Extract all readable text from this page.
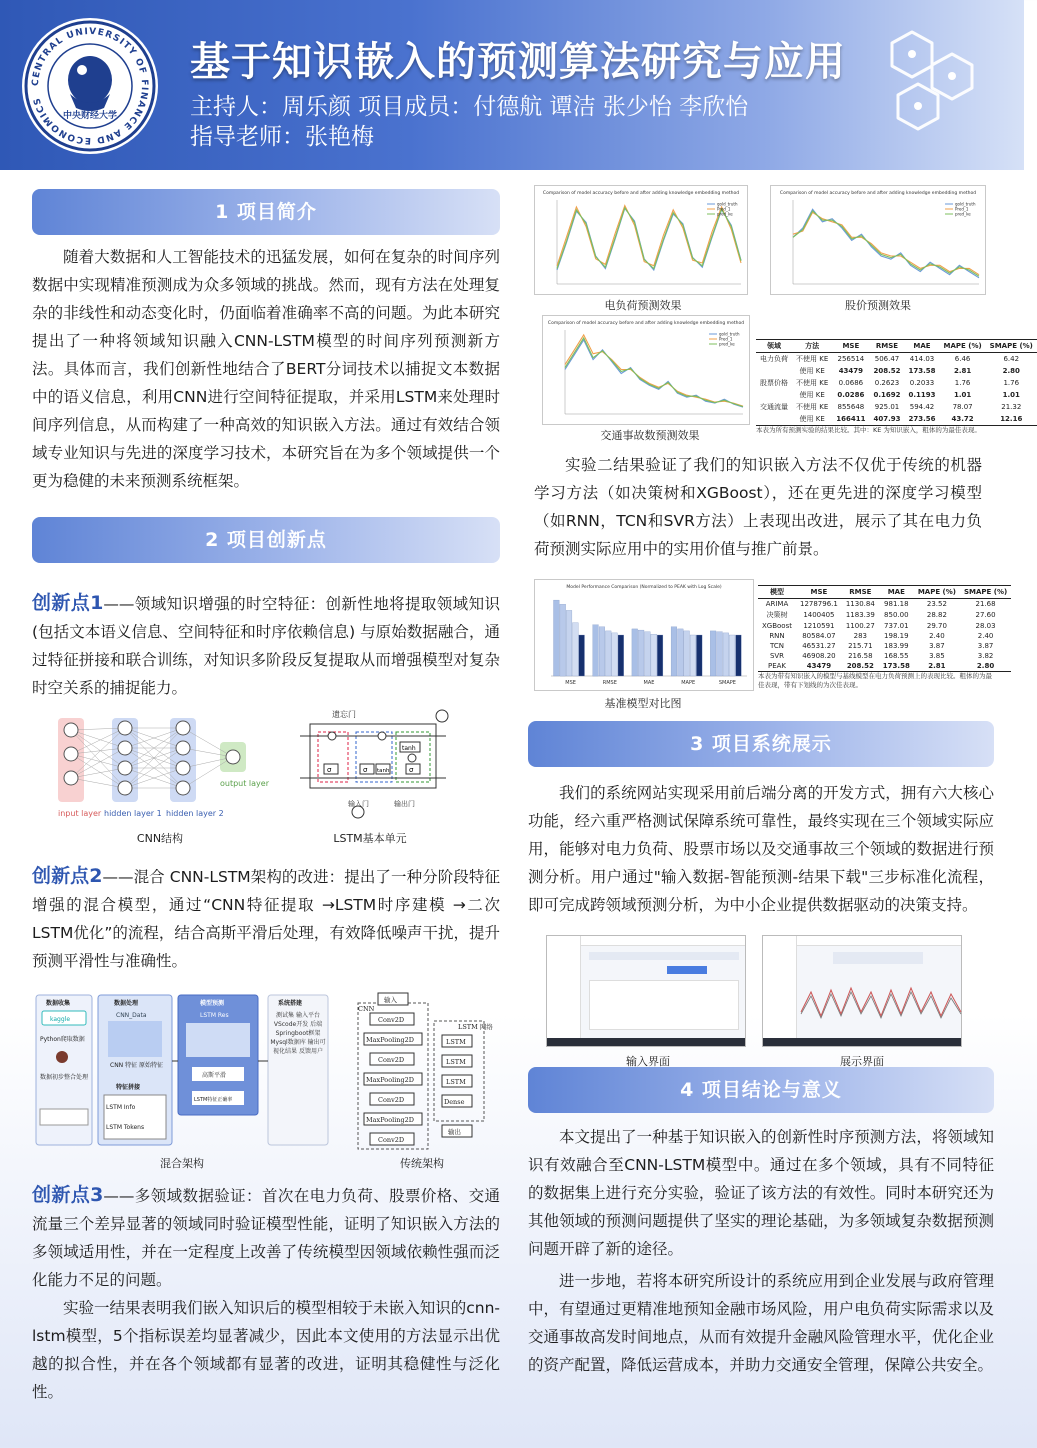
CENTRAL UNIVERSITY OF FINANCE AND ECONOMICS
中央财经大学
基于知识嵌入的预测算法研究与应用
主持人：周乐颜 项目成员：付德航 谭洁 张少怡 李欣怡
指导老师：张艳梅
1 项目简介

随着大数据和人工智能技术的迅猛发展，如何在复杂的时间序列数据中实现精准预测成为众多领域的挑战。然而，现有方法在处理复杂的非线性和动态变化时，仍面临着准确率不高的问题。为此本研究提出了一种将领域知识融入CNN-LSTM模型的时间序列预测新方法。具体而言，我们创新性地结合了BERT分词技术以捕捉文本数据中的语义信息，利用CNN进行空间特征提取，并采用LSTM来处理时间序列信息，从而构建了一种高效的知识嵌入方法。通过有效结合领域专业知识与先进的深度学习技术，本研究旨在为多个领域提供一个更为稳健的未来预测系统框架。

2 项目创新点

创新点1——领域知识增强的时空特征：创新性地将提取领域知识(包括文本语义信息、空间特征和时序依赖信息) 与原始数据融合，通过特征拼接和联合训练，对知识多阶段反复提取从而增强模型对复杂时空关系的捕捉能力。

input layer hidden layer 1 hidden layer 2
output layer
CNN结构
遗忘门
σ	σ tanh	σ
tanh
输入门	输出门
LSTM基本单元

创新点2——混合 CNN-LSTM架构的改进：提出了一种分阶段特征增强的混合模型，通过“CNN特征提取 →LSTM时序建模 →二次LSTM优化”的流程，结合高斯平滑后处理，有效降低噪声干扰，提升预测平滑性与准确性。

数据收集
kaggle
Python爬取数据
数据初步整合处理
数据处理
CNN_Data
CNN 特征 原始特征
特征拼接
LSTM Info
LSTM Tokens
模型预测
LSTM Res
高斯平滑
LSTM特征正确率
系统搭建
测试集 输入平台 VScode开发 后端Springboot框架 Mysql数据库 输出可视化结果 反馈用户
混合架构
CNN
输入
Conv2D
MaxPooling2D
Conv2D
MaxPooling2D
Conv2D
MaxPooling2D
Conv2D
LSTM 网络
LSTM
LSTM
LSTM
Dense
输出
传统架构

创新点3——多领域数据验证：首次在电力负荷、股票价格、交通流量三个差异显著的领域同时验证模型性能，证明了知识嵌入方法的多领域适用性，并在一定程度上改善了传统模型因领域依赖性强而泛化能力不足的问题。

实验一结果表明我们嵌入知识后的模型相较于未嵌入知识的cnn-lstm模型，5个指标误差均显著减少，因此本文使用的方法显示出优越的拟合性，并在各个领域都有显著的改进，证明其稳健性与泛化性。

Comparison of model accuracy before and after adding knowledge embedding method
gold_truth
Pred_1
pred_ke
电负荷预测效果
Comparison of model accuracy before and after adding knowledge embedding method
gold_truth
Pred_1
pred_ke
股价预测效果
Comparison of model accuracy before and after adding knowledge embedding method
gold_truth
Pred_1
pred_ke
交通事故数预测效果
领域	方法	MSE	RMSE	MAE	MAPE (%)	SMAPE (%)
电力负荷	不使用 KE	256514	506.47	414.03	6.46	6.42
	使用 KE	43479	208.52	173.58	2.81	2.80
股票价格	不使用 KE	0.0686	0.2623	0.2033	1.76	1.76
	使用 KE	0.0286	0.1692	0.1193	1.01	1.01
交通流量	不使用 KE	855648	925.01	594.42	78.07	21.32
	使用 KE	166411	407.93	273.56	43.72	12.16
本表为所有预测实验的结果比较。其中：KE 为知识嵌入，粗体的为最佳表现。

实验二结果验证了我们的知识嵌入方法不仅优于传统的机器学习方法（如决策树和XGBoost），还在更先进的深度学习模型（如RNN，TCN和SVR方法）上表现出改进，展示了其在电力负荷预测实际应用中的实用价值与推广前景。

Model Performance Comparison (Normalized to PEAK with Log Scale)
MSE	RMSE	MAE	MAPE	SMAPE
基准模型对比图
模型	MSE	RMSE	MAE	MAPE (%)	SMAPE (%)
ARIMA	1278796.1	1130.84	981.18	23.52	21.68
决策树	1400405	1183.39	850.00	28.82	27.60
XGBoost	1210591	1100.27	737.01	29.70	28.03
RNN	80584.07	283	198.19	2.40	2.40
TCN	46531.27	215.71	183.99	3.87	3.87
SVR	46908.20	216.58	168.55	3.85	3.82
PEAK	43479	208.52	173.58	2.81	2.80
本表为带有知识嵌入的模型与基线模型在电力负荷预测上的表现比较。粗体的为最佳表现，带有下划线的为次佳表现。
3 项目系统展示

我们的系统网站实现采用前后端分离的开发方式，拥有六大核心功能，经六重严格测试保障系统可靠性，最终实现在三个领域实际应用，能够对电力负荷、股票市场以及交通事故三个领域的数据进行预测分析。用户通过"输入数据-智能预测-结果下载"三步标准化流程，即可完成跨领域预测分析，为中小企业提供数据驱动的决策支持。

输入界面	展示界面
4 项目结论与意义

本文提出了一种基于知识嵌入的创新性时序预测方法，将领域知识有效融合至CNN-LSTM模型中。通过在多个领域，具有不同特征的数据集上进行充分实验，验证了该方法的有效性。同时本研究还为其他领域的预测问题提供了坚实的理论基础，为多领域复杂数据预测问题开辟了新的途径。

进一步地，若将本研究所设计的系统应用到企业发展与政府管理中，有望通过更精准地预知金融市场风险，用户电负荷实际需求以及交通事故高发时间地点，从而有效提升金融风险管理水平，优化企业的资产配置，降低运营成本，并助力交通安全管理，保障公共安全。
